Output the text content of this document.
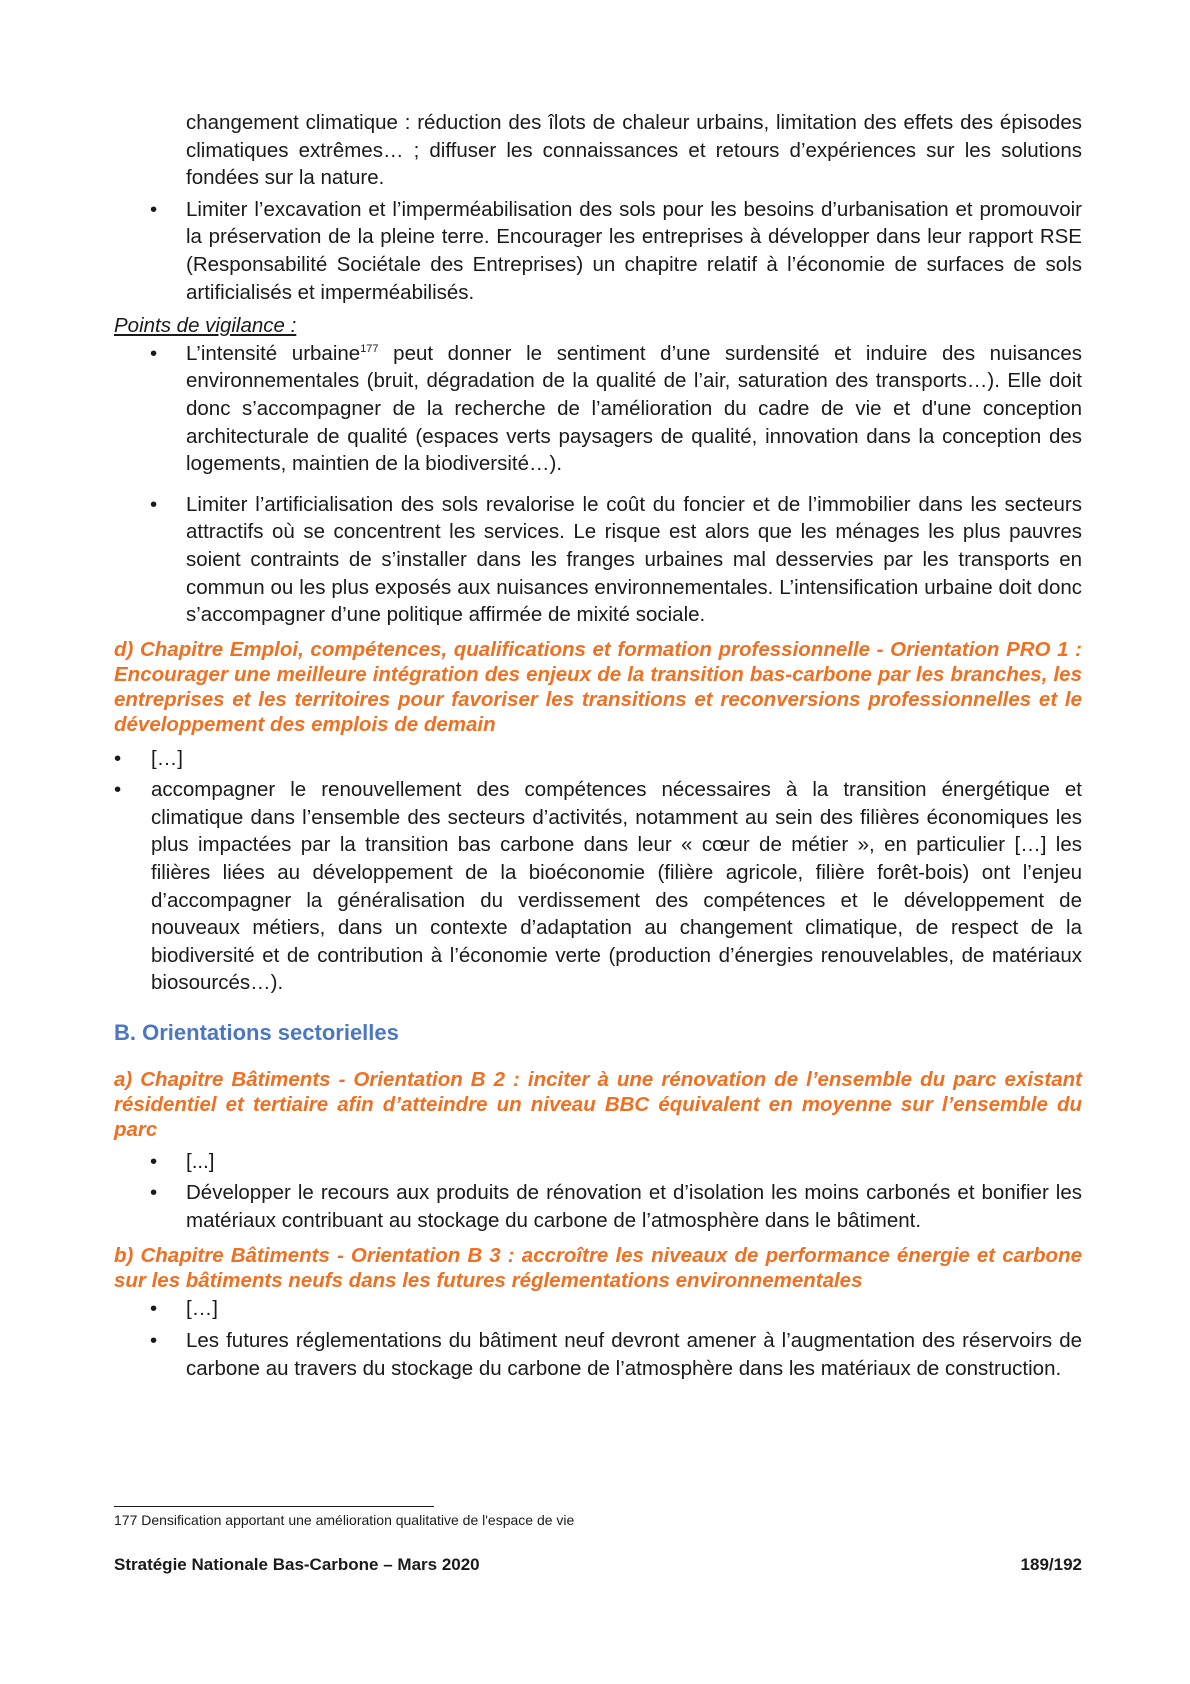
changement climatique : réduction des îlots de chaleur urbains, limitation des effets des épisodes climatiques extrêmes… ; diffuser les connaissances et retours d’expériences sur les solutions fondées sur la nature.

• Limiter l’excavation et l’imperméabilisation des sols pour les besoins d’urbanisation et promouvoir la préservation de la pleine terre. Encourager les entreprises à développer dans leur rapport RSE (Responsabilité Sociétale des Entreprises) un chapitre relatif à l’économie de surfaces de sols artificialisés et imperméabilisés.

Points de vigilance :

• L’intensité urbaine$^{177}$ peut donner le sentiment d’une surdensité et induire des nuisances environnementales (bruit, dégradation de la qualité de l’air, saturation des transports…). Elle doit donc s’accompagner de la recherche de l’amélioration du cadre de vie et d'une conception architecturale de qualité (espaces verts paysagers de qualité, innovation dans la conception des logements, maintien de la biodiversité…).
• Limiter l’artificialisation des sols revalorise le coût du foncier et de l’immobilier dans les secteurs attractifs où se concentrent les services. Le risque est alors que les ménages les plus pauvres soient contraints de s’installer dans les franges urbaines mal desservies par les transports en commun ou les plus exposés aux nuisances environnementales. L’intensification urbaine doit donc s’accompagner d’une politique affirmée de mixité sociale.

d) Chapitre Emploi, compétences, qualifications et formation professionnelle - Orientation PRO 1 : Encourager une meilleure intégration des enjeux de la transition bas-carbone par les branches, les entreprises et les territoires pour favoriser les transitions et reconversions professionnelles et le développement des emplois de demain

• […]
• accompagner le renouvellement des compétences nécessaires à la transition énergétique et climatique dans l’ensemble des secteurs d’activités, notamment au sein des filières économiques les plus impactées par la transition bas carbone dans leur « cœur de métier », en particulier […] les filières liées au développement de la bioéconomie (filière agricole, filière forêt-bois) ont l’enjeu d’accompagner la généralisation du verdissement des compétences et le développement de nouveaux métiers, dans un contexte d’adaptation au changement climatique, de respect de la biodiversité et de contribution à l’économie verte (production d’énergies renouvelables, de matériaux biosourcés…).

B. Orientations sectorielles

a) Chapitre Bâtiments - Orientation B 2 : inciter à une rénovation de l’ensemble du parc existant résidentiel et tertiaire afin d’atteindre un niveau BBC équivalent en moyenne sur l’ensemble du parc

• [...]
• Développer le recours aux produits de rénovation et d’isolation les moins carbonés et bonifier les matériaux contribuant au stockage du carbone de l’atmosphère dans le bâtiment.

b) Chapitre Bâtiments - Orientation B 3 : accroître les niveaux de performance énergie et carbone sur les bâtiments neufs dans les futures réglementations environnementales

• […]
• Les futures réglementations du bâtiment neuf devront amener à l’augmentation des réservoirs de carbone au travers du stockage du carbone de l’atmosphère dans les matériaux de construction.
177 Densification apportant une amélioration qualitative de l'espace de vie
Stratégie Nationale Bas-Carbone – Mars 2020	189/192
